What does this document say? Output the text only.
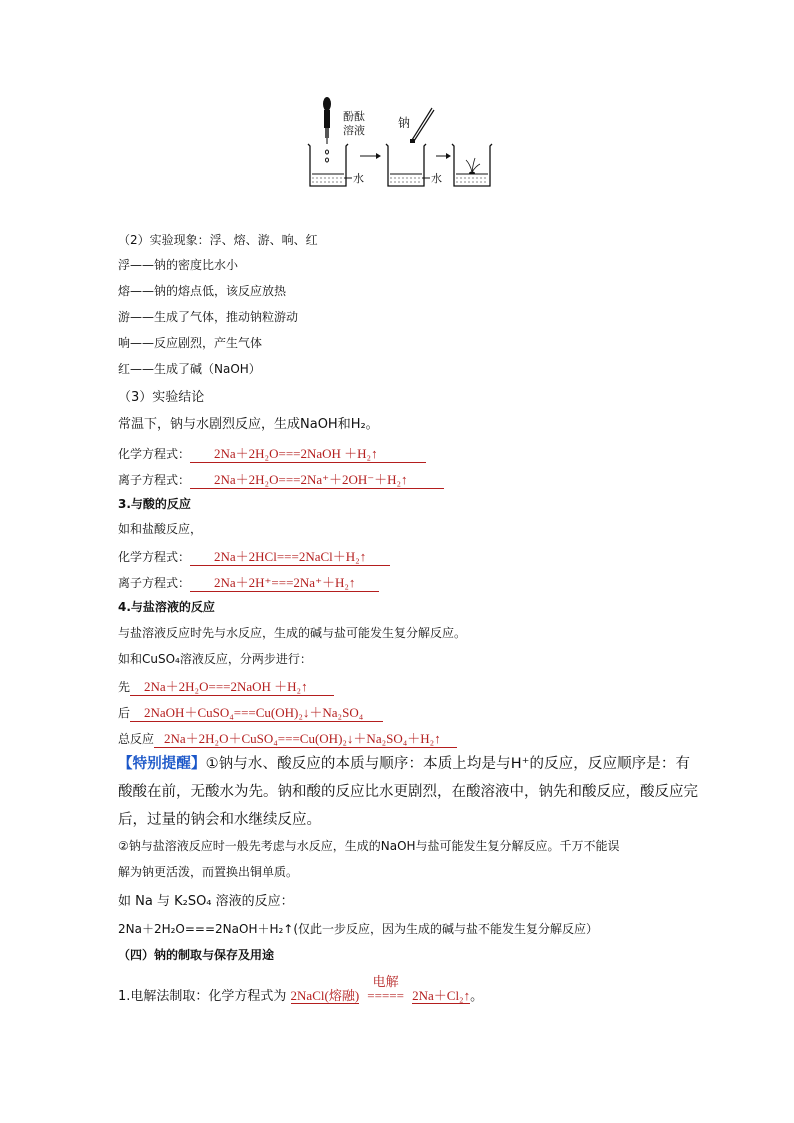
酚酞
溶液
水
钠
水
（2）实验现象：浮、熔、游、响、红
浮——钠的密度比水小
熔——钠的熔点低，该反应放热
游——生成了气体，推动钠粒游动
响——反应剧烈，产生气体
红——生成了碱（NaOH）
（3）实验结论
常温下，钠与水剧烈反应，生成NaOH和H₂。
化学方程式： 2Na＋2H₂O===2NaOH ＋H₂↑
离子方程式： 2Na＋2H₂O===2Na⁺＋2OH⁻＋H₂↑
3.与酸的反应
如和盐酸反应，
化学方程式： 2Na＋2HCl===2NaCl＋H₂↑
离子方程式： 2Na＋2H⁺===2Na⁺＋H₂↑
4.与盐溶液的反应
与盐溶液反应时先与水反应，生成的碱与盐可能发生复分解反应。
如和CuSO₄溶液反应，分两步进行：
先 2Na＋2H₂O===2NaOH ＋H₂↑
后 2NaOH＋CuSO₄===Cu(OH)₂↓＋Na₂SO₄
总反应 2Na＋2H₂O＋CuSO₄===Cu(OH)₂↓＋Na₂SO₄＋H₂↑
【特别提醒】①钠与水、酸反应的本质与顺序：本质上均是与H⁺的反应，反应顺序是：有
酸酸在前，无酸水为先。钠和酸的反应比水更剧烈，在酸溶液中，钠先和酸反应，酸反应完
后，过量的钠会和水继续反应。
②钠与盐溶液反应时一般先考虑与水反应，生成的NaOH与盐可能发生复分解反应。千万不能误
解为钠更活泼，而置换出铜单质。
如 Na 与 K₂SO₄ 溶液的反应：
2Na＋2H₂O===2NaOH＋H₂↑(仅此一步反应，因为生成的碱与盐不能发生复分解反应）
（四）钠的制取与保存及用途
1.电解法制取：化学方程式为 2NaCl(熔融)
电解
===== 2Na＋Cl₂↑。
